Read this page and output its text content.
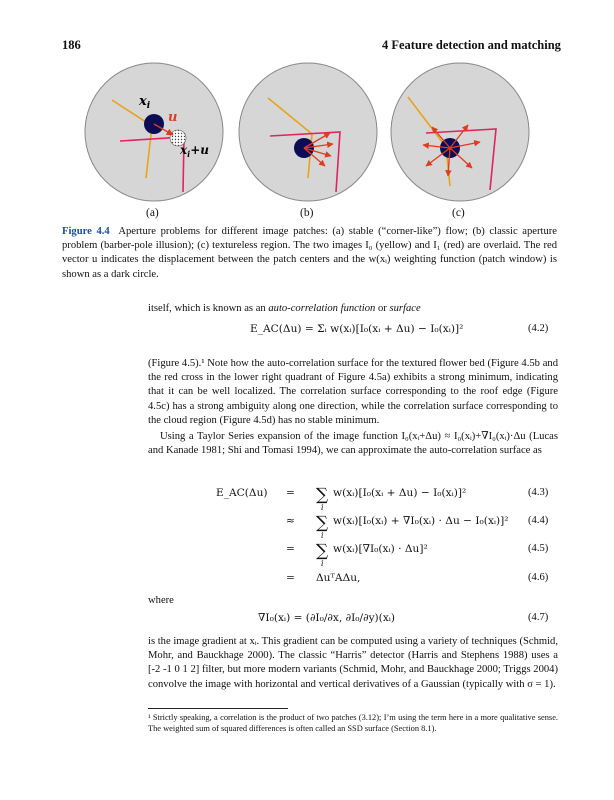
186	4 Feature detection and matching
$x_i$
u
$x_i+u$
(a)	(b)	(c)
Figure 4.4 Aperture problems for different image patches: (a) stable (“corner-like”) flow; (b) classic aperture problem (barber-pole illusion); (c) textureless region. The two images I₀ (yellow) and I₁ (red) are overlaid. The red vector u indicates the displacement between the patch centers and the w(xᵢ) weighting function (patch window) is shown as a dark circle.
itself, which is known as an auto-correlation function or surface
E_AC(Δu) = Σᵢ w(xᵢ)[I₀(xᵢ + Δu) − I₀(xᵢ)]²	(4.2)
(Figure 4.5).¹ Note how the auto-correlation surface for the textured flower bed (Figure 4.5b and the red cross in the lower right quadrant of Figure 4.5a) exhibits a strong minimum, indicating that it can be well localized. The correlation surface corresponding to the roof edge (Figure 4.5c) has a strong ambiguity along one direction, while the correlation surface corresponding to the cloud region (Figure 4.5d) has no stable minimum.
Using a Taylor Series expansion of the image function I₀(xᵢ+Δu) ≈ I₀(xᵢ)+∇I₀(xᵢ)·Δu (Lucas and Kanade 1981; Shi and Tomasi 1994), we can approximate the auto-correlation surface as
E_AC(Δu) = ∑
i
w(xᵢ)[I₀(xᵢ + Δu) − I₀(xᵢ)]²	(4.3)
≈ ∑
i
w(xᵢ)[I₀(xᵢ) + ∇I₀(xᵢ) · Δu − I₀(xᵢ)]² (4.4)
= ∑
i
w(xᵢ)[∇I₀(xᵢ) · Δu]²	(4.5)
= ΔuᵀAΔu,	(4.6)
where
∇I₀(xᵢ) = (∂I₀/∂x, ∂I₀/∂y)(xᵢ)	(4.7)
is the image gradient at xᵢ. This gradient can be computed using a variety of techniques (Schmid, Mohr, and Bauckhage 2000). The classic “Harris” detector (Harris and Stephens 1988) uses a [-2 -1 0 1 2] filter, but more modern variants (Schmid, Mohr, and Bauckhage 2000; Triggs 2004) convolve the image with horizontal and vertical derivatives of a Gaussian (typically with σ = 1).
¹ Strictly speaking, a correlation is the product of two patches (3.12); I’m using the term here in a more qualitative sense. The weighted sum of squared differences is often called an SSD surface (Section 8.1).
